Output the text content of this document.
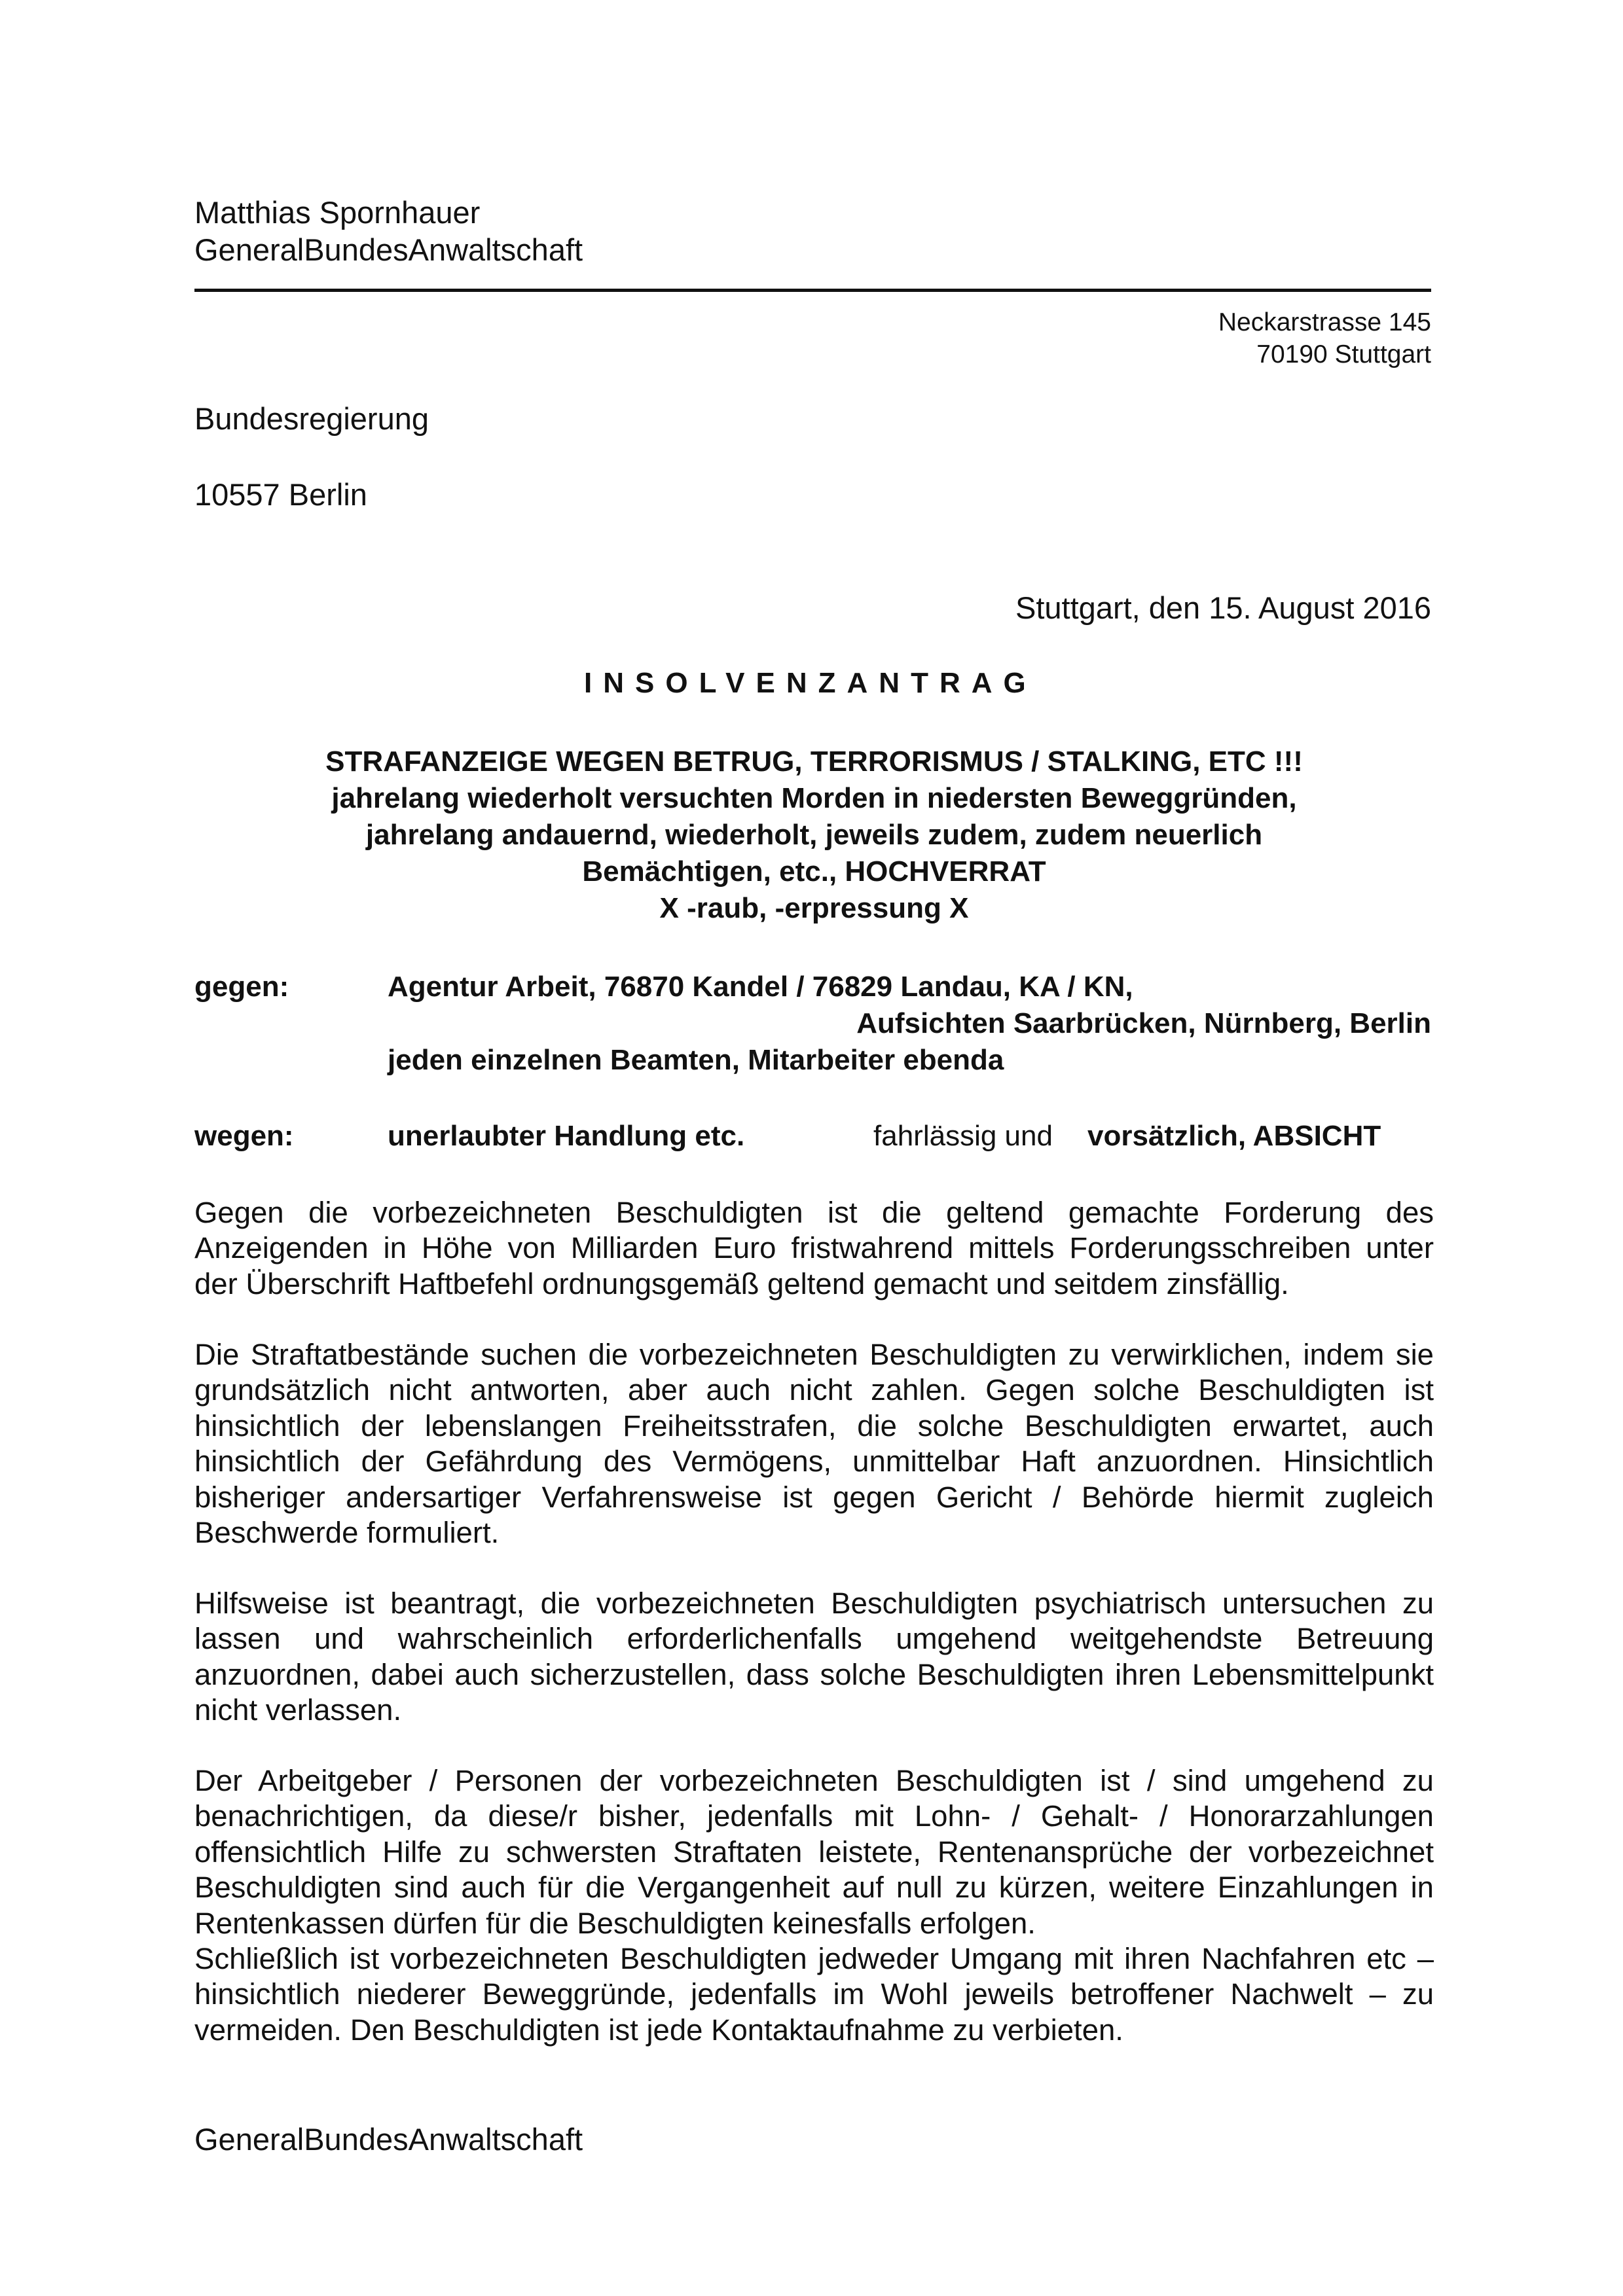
Matthias Spornhauer

GeneralBundesAnwaltschaft

Neckarstrasse 145

70190 Stuttgart

Bundesregierung

10557 Berlin

Stuttgart, den 15. August 2016

INSOLVENZANTRAG

STRAFANZEIGE WEGEN BETRUG, TERRORISMUS / STALKING, ETC !!!

jahrelang wiederholt versuchten Morden in niedersten Beweggründen,

jahrelang andauernd, wiederholt, jeweils zudem, zudem neuerlich

Bemächtigen, etc., HOCHVERRAT

X -raub, -erpressung X

gegen:	Agentur Arbeit, 76870 Kandel / 76829 Landau, KA / KN,

Aufsichten Saarbrücken, Nürnberg, Berlin

jeden einzelnen Beamten, Mitarbeiter ebenda

wegen:	unerlaubter Handlung etc.	fahrlässig und vorsätzlich, ABSICHT

Gegen die vorbezeichneten Beschuldigten ist die geltend gemachte Forderung des
Anzeigenden in Höhe von Milliarden Euro fristwahrend mittels Forderungsschreiben unter
der Überschrift Haftbefehl ordnungsgemäß geltend gemacht und seitdem zinsfällig.
Die Straftatbestände suchen die vorbezeichneten Beschuldigten zu verwirklichen, indem sie
grundsätzlich nicht antworten, aber auch nicht zahlen. Gegen solche Beschuldigten ist
hinsichtlich der lebenslangen Freiheitsstrafen, die solche Beschuldigten erwartet, auch
hinsichtlich der Gefährdung des Vermögens, unmittelbar Haft anzuordnen. Hinsichtlich
bisheriger andersartiger Verfahrensweise ist gegen Gericht / Behörde hiermit zugleich
Beschwerde formuliert.
Hilfsweise ist beantragt, die vorbezeichneten Beschuldigten psychiatrisch untersuchen zu
lassen und wahrscheinlich erforderlichenfalls umgehend weitgehendste Betreuung
anzuordnen, dabei auch sicherzustellen, dass solche Beschuldigten ihren Lebensmittelpunkt
nicht verlassen.
Der Arbeitgeber / Personen der vorbezeichneten Beschuldigten ist / sind umgehend zu
benachrichtigen, da diese/r bisher, jedenfalls mit Lohn- / Gehalt- / Honorarzahlungen
offensichtlich Hilfe zu schwersten Straftaten leistete, Rentenansprüche der vorbezeichnet
Beschuldigten sind auch für die Vergangenheit auf null zu kürzen, weitere Einzahlungen in
Rentenkassen dürfen für die Beschuldigten keinesfalls erfolgen.
Schließlich ist vorbezeichneten Beschuldigten jedweder Umgang mit ihren Nachfahren etc –
hinsichtlich niederer Beweggründe, jedenfalls im Wohl jeweils betroffener Nachwelt – zu
vermeiden. Den Beschuldigten ist jede Kontaktaufnahme zu verbieten.

GeneralBundesAnwaltschaft
